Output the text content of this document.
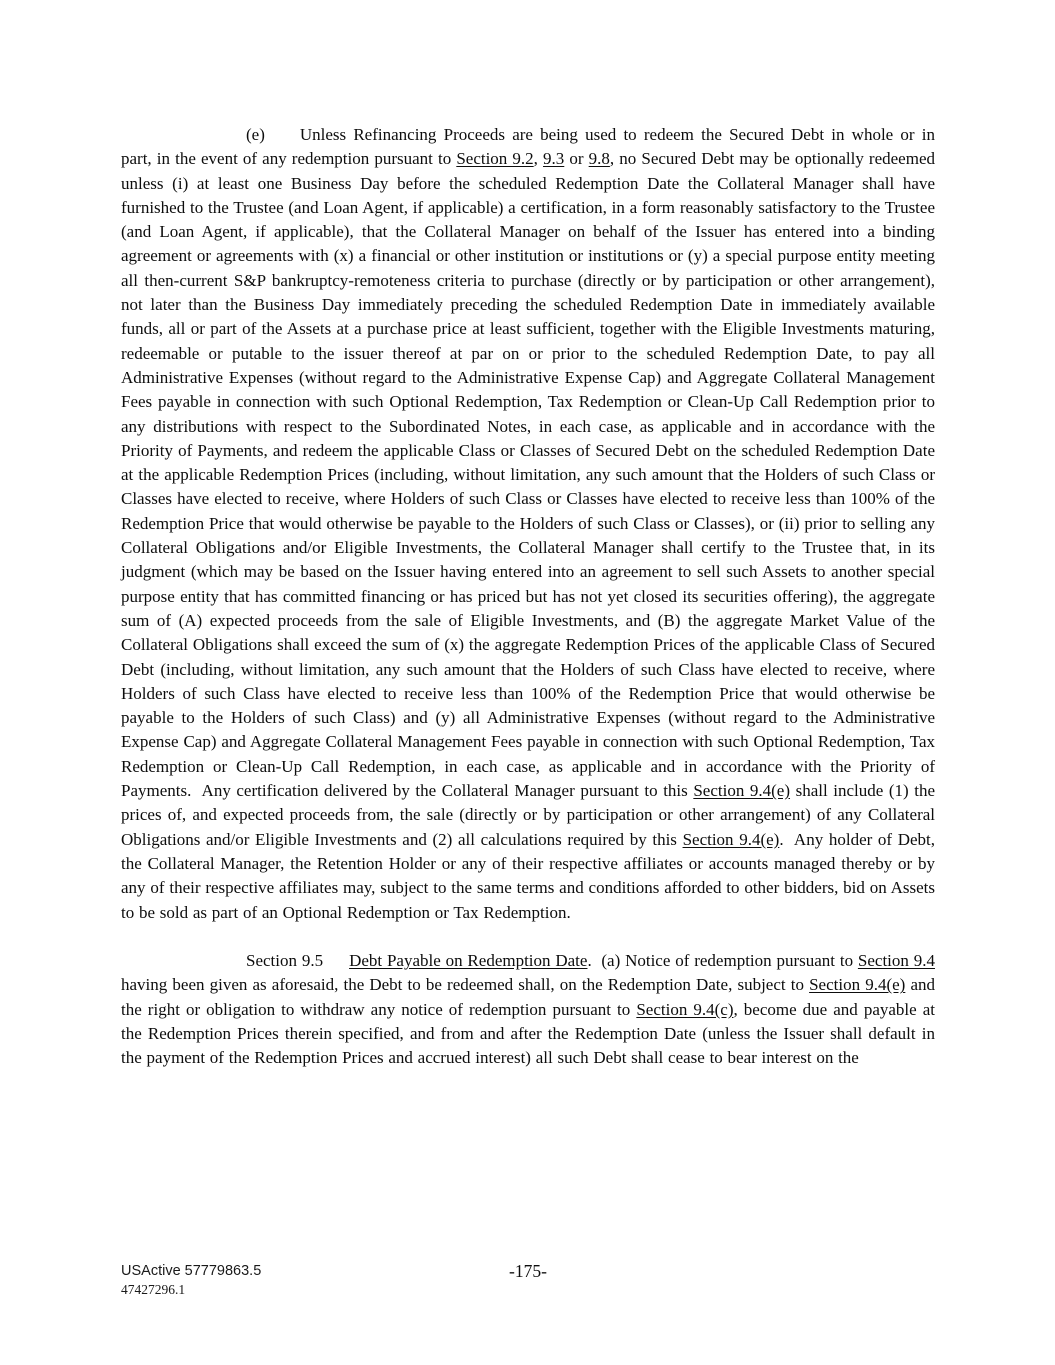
(e) Unless Refinancing Proceeds are being used to redeem the Secured Debt in whole or in part, in the event of any redemption pursuant to Section 9.2, 9.3 or 9.8, no Secured Debt may be optionally redeemed unless (i) at least one Business Day before the scheduled Redemption Date the Collateral Manager shall have furnished to the Trustee (and Loan Agent, if applicable) a certification, in a form reasonably satisfactory to the Trustee (and Loan Agent, if applicable), that the Collateral Manager on behalf of the Issuer has entered into a binding agreement or agreements with (x) a financial or other institution or institutions or (y) a special purpose entity meeting all then-current S&P bankruptcy-remoteness criteria to purchase (directly or by participation or other arrangement), not later than the Business Day immediately preceding the scheduled Redemption Date in immediately available funds, all or part of the Assets at a purchase price at least sufficient, together with the Eligible Investments maturing, redeemable or putable to the issuer thereof at par on or prior to the scheduled Redemption Date, to pay all Administrative Expenses (without regard to the Administrative Expense Cap) and Aggregate Collateral Management Fees payable in connection with such Optional Redemption, Tax Redemption or Clean-Up Call Redemption prior to any distributions with respect to the Subordinated Notes, in each case, as applicable and in accordance with the Priority of Payments, and redeem the applicable Class or Classes of Secured Debt on the scheduled Redemption Date at the applicable Redemption Prices (including, without limitation, any such amount that the Holders of such Class or Classes have elected to receive, where Holders of such Class or Classes have elected to receive less than 100% of the Redemption Price that would otherwise be payable to the Holders of such Class or Classes), or (ii) prior to selling any Collateral Obligations and/or Eligible Investments, the Collateral Manager shall certify to the Trustee that, in its judgment (which may be based on the Issuer having entered into an agreement to sell such Assets to another special purpose entity that has committed financing or has priced but has not yet closed its securities offering), the aggregate sum of (A) expected proceeds from the sale of Eligible Investments, and (B) the aggregate Market Value of the Collateral Obligations shall exceed the sum of (x) the aggregate Redemption Prices of the applicable Class of Secured Debt (including, without limitation, any such amount that the Holders of such Class have elected to receive, where Holders of such Class have elected to receive less than 100% of the Redemption Price that would otherwise be payable to the Holders of such Class) and (y) all Administrative Expenses (without regard to the Administrative Expense Cap) and Aggregate Collateral Management Fees payable in connection with such Optional Redemption, Tax Redemption or Clean-Up Call Redemption, in each case, as applicable and in accordance with the Priority of Payments.  Any certification delivered by the Collateral Manager pursuant to this Section 9.4(e) shall include (1) the prices of, and expected proceeds from, the sale (directly or by participation or other arrangement) of any Collateral Obligations and/or Eligible Investments and (2) all calculations required by this Section 9.4(e).  Any holder of Debt, the Collateral Manager, the Retention Holder or any of their respective affiliates or accounts managed thereby or by any of their respective affiliates may, subject to the same terms and conditions afforded to other bidders, bid on Assets to be sold as part of an Optional Redemption or Tax Redemption.

Section 9.5 Debt Payable on Redemption Date.  (a) Notice of redemption pursuant to Section 9.4 having been given as aforesaid, the Debt to be redeemed shall, on the Redemption Date, subject to Section 9.4(e) and the right or obligation to withdraw any notice of redemption pursuant to Section 9.4(c), become due and payable at the Redemption Prices therein specified, and from and after the Redemption Date (unless the Issuer shall default in the payment of the Redemption Prices and accrued interest) all such Debt shall cease to bear interest on the

-175-
USActive 57779863.5
47427296.1
